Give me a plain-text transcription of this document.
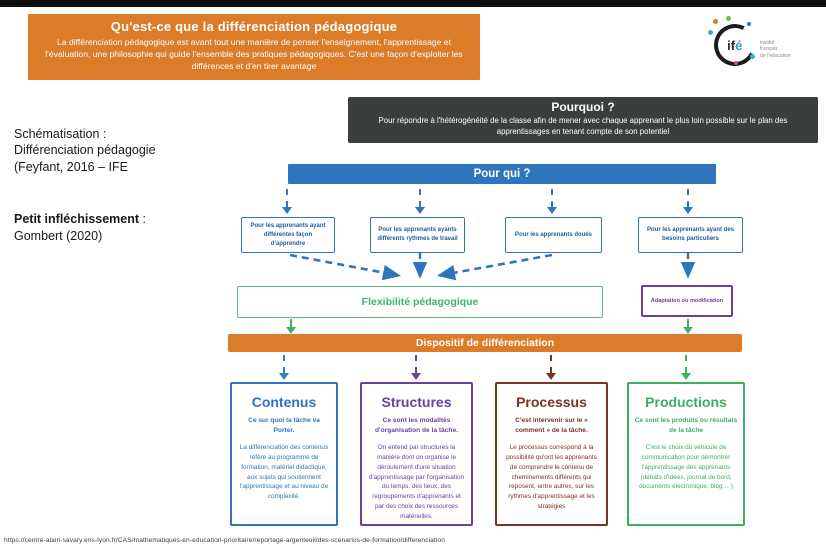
Qu'est-ce que la différenciation pédagogique
La différenciation pédagogique est avant tout une manière de penser l'enseignement, l'apprentissage et l'évaluation, une philosophie qui guide l'ensemble des pratiques pédagogiques. C'est une façon d'exploiter les différences et d'en tirer avantage
ifé	institut
français
de l'éducation
Pourquoi ?
Pour répondre à l'hétérogénéité de la classe afin de mener avec chaque apprenant le plus loin possible sur le plan des apprentissages en tenant compte de son potentiel
Schématisation :
Différenciation pédagogie
(Feyfant, 2016 – IFE
Petit infléchissement :
Gombert (2020)
Pour qui ?
Pour les apprenants ayant différentes façon d'apprendre
Pour les apprenants ayants différents rythmes de travail
Pour les apprenants doués
Pour les apprenants ayant des besoins particuliers
Flexibilité pédagogique	Adaptation ou modification
Dispositif de différenciation
Contenus
Ce sur quoi la tâche va Porter.
La différenciation des contenus réfère au programme de formation, matériel didactique, aux sujets qui soutiennent l'apprentissage et au niveau de complexité.
Structures
Ce sont les modalités d'organisation de la tâche.
On entend par structures la manière dont on organise le déroulement d'une situation d'apprentissage par l'organisation du temps, des lieux, des regroupements d'apprenants et par des choix des ressources matérielles.
Processus
C'est intervenir sur le « comment » de la tâche.
Le processus correspond à la possibilité qu'ont les apprenants de comprendre le contenu de cheminements différents qui reposent, entre autres, sur les rythmes d'apprentissage et les stratégies
Productions
Ce sont les produits ou résultats de la tâche
C'est le choix du véhicule de communication pour démontrer l'apprentissage des apprenants (débats d'idées, journal de bord, documents électronique, blog… )
https://centre-alain-savary.ens-lyon.fr/CAS/mathematiques-en-education-prioritaire/reportage-argenteuil/des-scenarios-de-formation/differenciation
